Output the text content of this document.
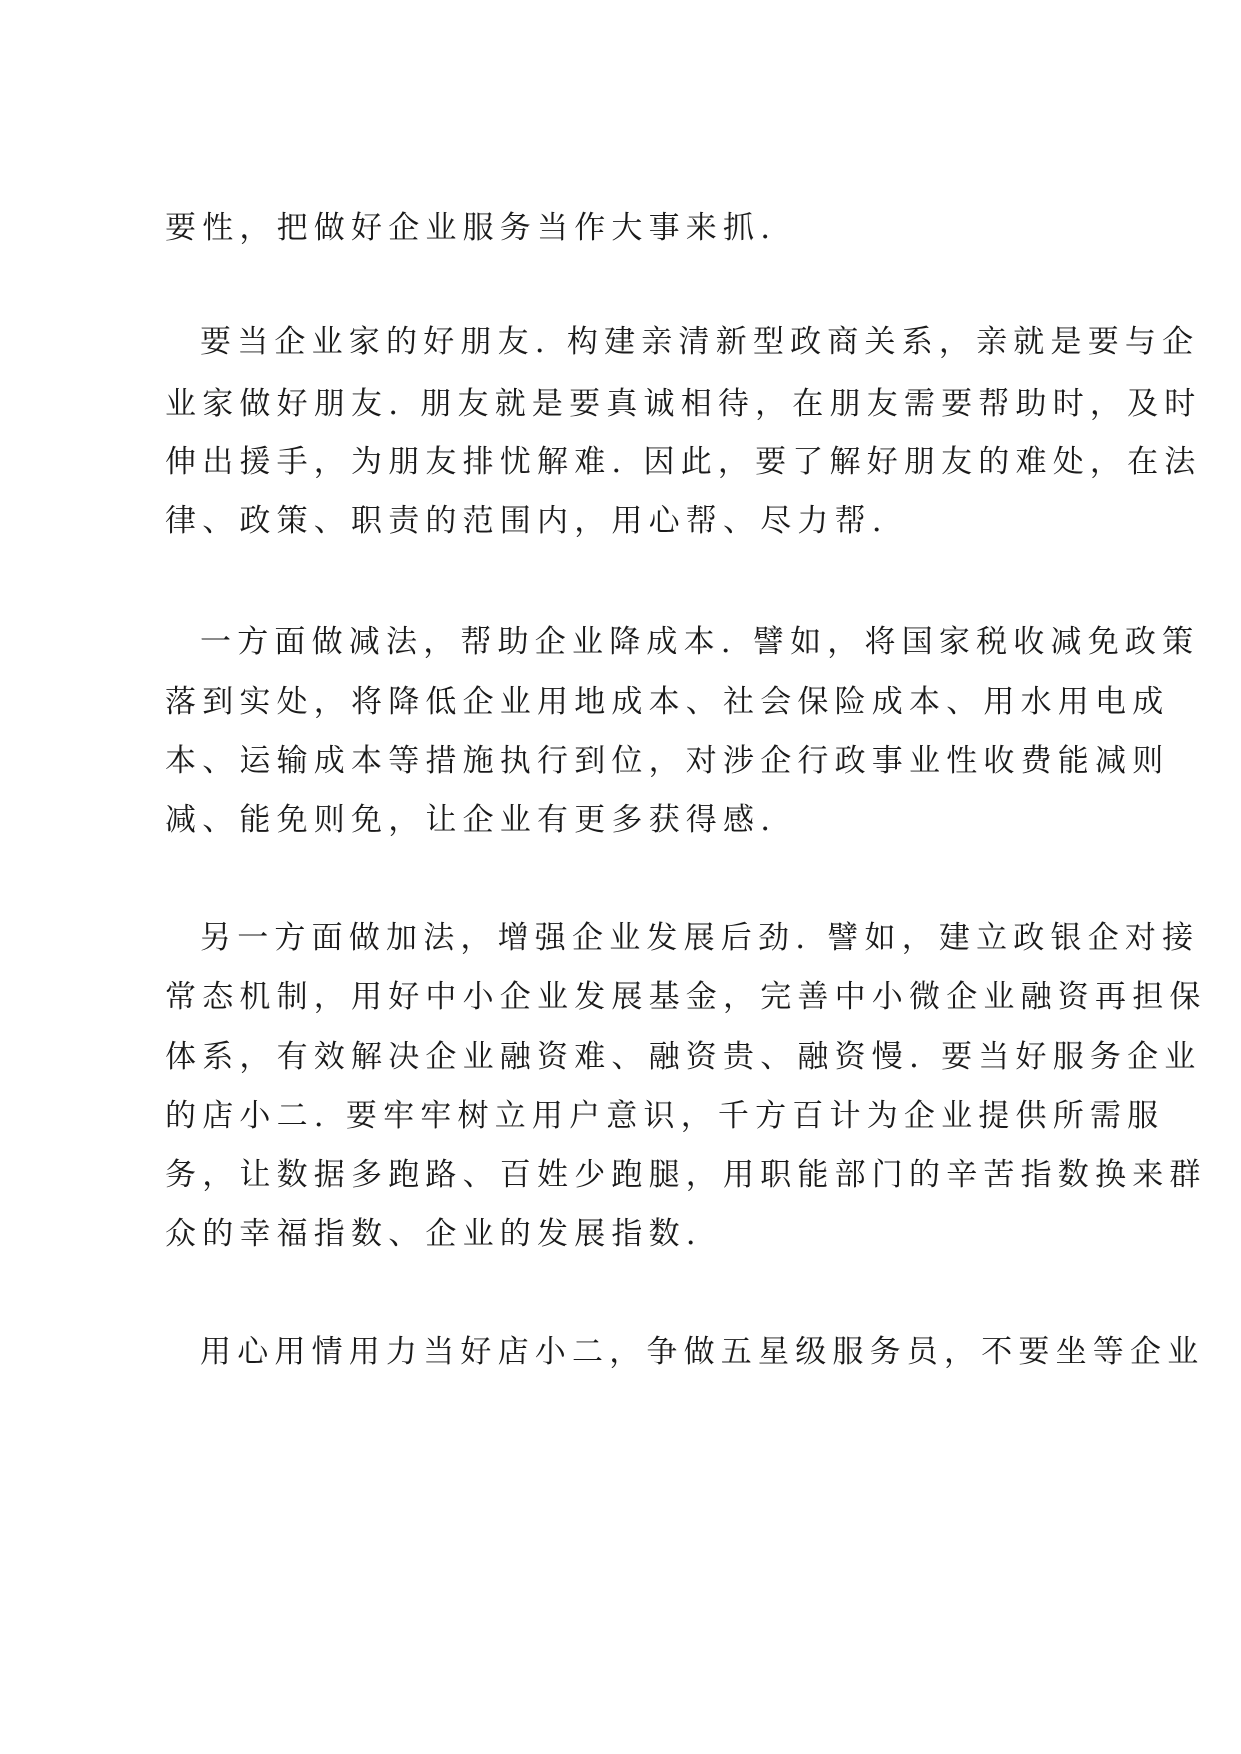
要性，把做好企业服务当作大事来抓.
要当企业家的好朋友. 构建亲清新型政商关系，亲就是要与企
业家做好朋友. 朋友就是要真诚相待，在朋友需要帮助时，及时
伸出援手，为朋友排忧解难. 因此，要了解好朋友的难处，在法
律、政策、职责的范围内，用心帮、尽力帮.
一方面做减法，帮助企业降成本. 譬如，将国家税收减免政策
落到实处，将降低企业用地成本、社会保险成本、用水用电成
本、运输成本等措施执行到位，对涉企行政事业性收费能减则
减、能免则免，让企业有更多获得感.
另一方面做加法，增强企业发展后劲. 譬如，建立政银企对接
常态机制，用好中小企业发展基金，完善中小微企业融资再担保
体系，有效解决企业融资难、融资贵、融资慢. 要当好服务企业
的店小二. 要牢牢树立用户意识，千方百计为企业提供所需服
务，让数据多跑路、百姓少跑腿，用职能部门的辛苦指数换来群
众的幸福指数、企业的发展指数.
用心用情用力当好店小二，争做五星级服务员，不要坐等企业
